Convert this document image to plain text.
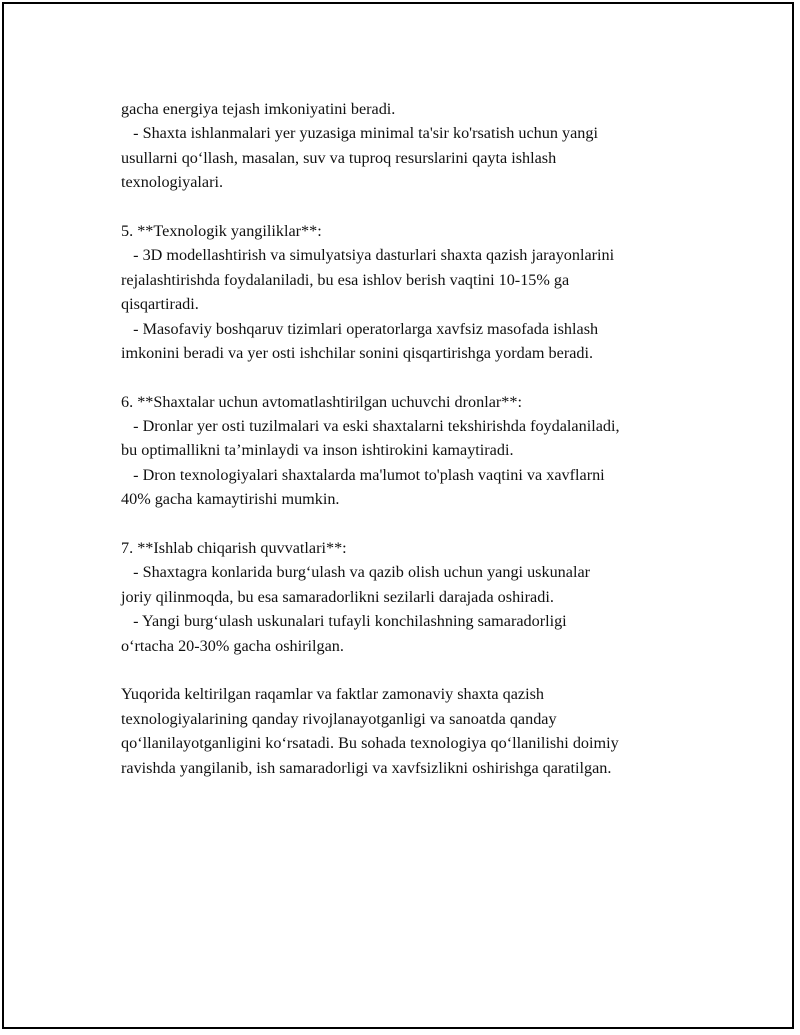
gacha energiya tejash imkoniyatini beradi.
- Shaxta ishlanmalari yer yuzasiga minimal ta'sir ko'rsatish uchun yangi
usullarni qo‘llash, masalan, suv va tuproq resurslarini qayta ishlash
texnologiyalari.
5. **Texnologik yangiliklar**:
- 3D modellashtirish va simulyatsiya dasturlari shaxta qazish jarayonlarini
rejalashtirishda foydalaniladi, bu esa ishlov berish vaqtini 10-15% ga
qisqartiradi.
- Masofaviy boshqaruv tizimlari operatorlarga xavfsiz masofada ishlash
imkonini beradi va yer osti ishchilar sonini qisqartirishga yordam beradi.
6. **Shaxtalar uchun avtomatlashtirilgan uchuvchi dronlar**:
- Dronlar yer osti tuzilmalari va eski shaxtalarni tekshirishda foydalaniladi,
bu optimallikni ta’minlaydi va inson ishtirokini kamaytiradi.
- Dron texnologiyalari shaxtalarda ma'lumot to'plash vaqtini va xavflarni
40% gacha kamaytirishi mumkin.
7. **Ishlab chiqarish quvvatlari**:
- Shaxtagra konlarida burg‘ulash va qazib olish uchun yangi uskunalar
joriy qilinmoqda, bu esa samaradorlikni sezilarli darajada oshiradi.
- Yangi burg‘ulash uskunalari tufayli konchilashning samaradorligi
o‘rtacha 20-30% gacha oshirilgan.
Yuqorida keltirilgan raqamlar va faktlar zamonaviy shaxta qazish
texnologiyalarining qanday rivojlanayotganligi va sanoatda qanday
qo‘llanilayotganligini ko‘rsatadi. Bu sohada texnologiya qo‘llanilishi doimiy
ravishda yangilanib, ish samaradorligi va xavfsizlikni oshirishga qaratilgan.
